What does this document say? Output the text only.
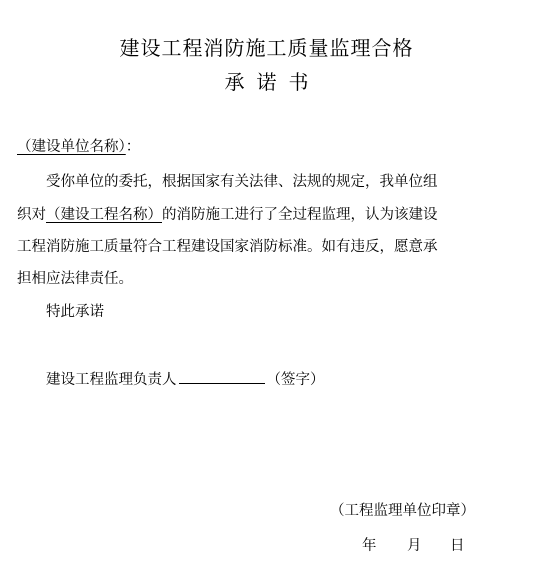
建设工程消防施工质量监理合格
承诺书
（建设单位名称）：
受你单位的委托，根据国家有关法律、法规的规定，我单位组
织对（建设工程名称）的消防施工进行了全过程监理，认为该建设
工程消防施工质量符合工程建设国家消防标准。如有违反，愿意承
担相应法律责任。
特此承诺
建设工程监理负责人	（签字）
（工程监理单位印章）
年 月 日
